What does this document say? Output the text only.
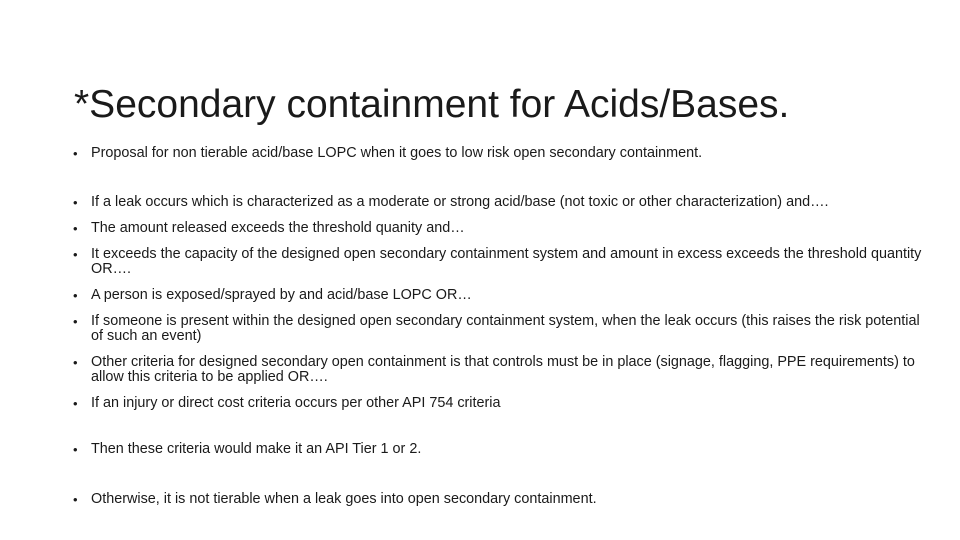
*Secondary containment for Acids/Bases.
• Proposal for non tierable acid/base LOPC when it goes to low risk open secondary containment.
• If a leak occurs which is characterized as a moderate or strong acid/base (not toxic or other characterization) and….
• The amount released exceeds the threshold quanity and…
• It exceeds the capacity of the designed open secondary containment system and amount in excess exceeds the threshold quantity OR….
• A person is exposed/sprayed by and acid/base LOPC OR…
• If someone is present within the designed open secondary containment system, when the leak occurs (this raises the risk potential of such an event)
• Other criteria for designed secondary open containment is that controls must be in place (signage, flagging, PPE requirements) to allow this criteria to be applied OR….
• If an injury or direct cost criteria occurs per other API 754 criteria
• Then these criteria would make it an API Tier 1 or 2.
• Otherwise, it is not tierable when a leak goes into open secondary containment.
